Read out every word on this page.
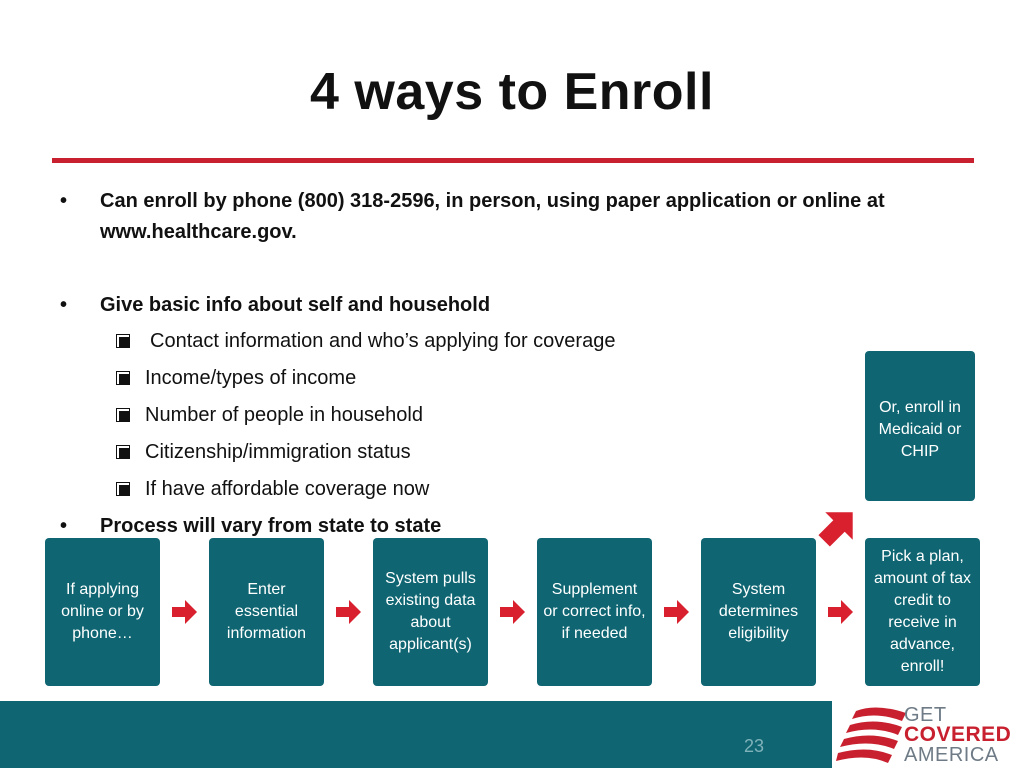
4 ways to Enroll
•	Can enroll by phone (800) 318-2596, in person, using paper application or online at www.healthcare.gov.
•	Give basic info about self and household
Contact information and who’s applying for coverage
Income/types of income
Number of people in household
Citizenship/immigration status
If have affordable coverage now
•	Process will vary from state to state
If applying online or by phone…
Enter essential information
System pulls existing data about applicant(s)
Supplement or correct info, if needed
System determines eligibility
Pick a plan, amount of tax credit to receive in advance, enroll!
Or, enroll in Medicaid or CHIP
23
GET
COVERED
AMERICA
